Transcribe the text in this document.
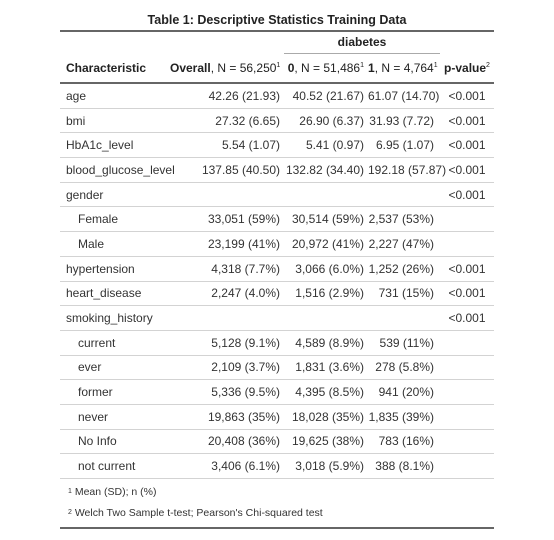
Table 1: Descriptive Statistics Training Data

		diabetes		
Characteristic	Overall, $N = 56,250^1$	0, $N = 51,486^1$	1, $N = 4,764^1$	p-value$^2$
age	42.26 (21.93)	40.52 (21.67)	61.07 (14.70)	<0.001
bmi	27.32 (6.65)	26.90 (6.37)	31.93 (7.72)	<0.001
HbA1c_level	5.54 (1.07)	5.41 (0.97)	6.95 (1.07)	<0.001
blood_glucose_level	137.85 (40.50)	132.82 (34.40)	192.18 (57.87)	<0.001
gender				<0.001
Female	33,051 (59%)	30,514 (59%)	2,537 (53%)	
Male	23,199 (41%)	20,972 (41%)	2,227 (47%)	
hypertension	4,318 (7.7%)	3,066 (6.0%)	1,252 (26%)	<0.001
heart_disease	2,247 (4.0%)	1,516 (2.9%)	731 (15%)	<0.001
smoking_history				<0.001
current	5,128 (9.1%)	4,589 (8.9%)	539 (11%)	
ever	2,109 (3.7%)	1,831 (3.6%)	278 (5.8%)	
former	5,336 (9.5%)	4,395 (8.5%)	941 (20%)	
never	19,863 (35%)	18,028 (35%)	1,835 (39%)	
No Info	20,408 (36%)	19,625 (38%)	783 (16%)	
not current	3,406 (6.1%)	3,018 (5.9%)	388 (8.1%)	
1
Mean (SD); n (%)
2
Welch Two Sample t-test; Pearson's Chi-squared test
